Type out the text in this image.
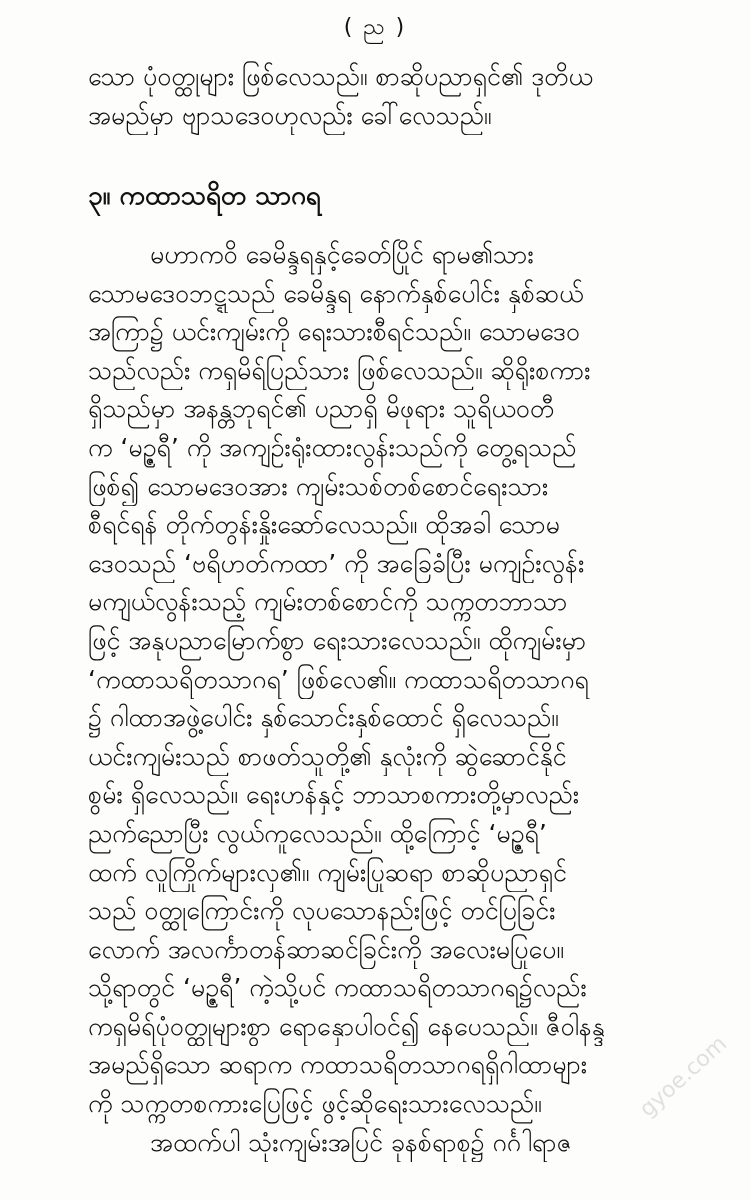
( ည )
သော ပုံဝတ္ထုများ ဖြစ်လေသည်။ စာဆိုပညာရှင်၏ ဒုတိယ
အမည်မှာ ဗျာသဒေဝဟုလည်း ခေါ်လေသည်။
၃။ ကထာသရိတ သာဂရ
မဟာကဝိ ခေမိန္ဒရနှင့်ခေတ်ပြိုင် ရာမ၏သား
သောမဒေဝဘဋ္ဋသည် ခေမိန္ဒရ နောက်နှစ်ပေါင်း နှစ်ဆယ်
အကြာ၌ ယင်းကျမ်းကို ရေးသားစီရင်သည်။ သောမဒေဝ
သည်လည်း ကရှမိရ်ပြည်သား ဖြစ်လေသည်။ ဆိုရိုးစကား
ရှိသည်မှာ အနန္တဘုရင်၏ ပညာရှိ မိဖုရား သူရိယဝတီ
က ‘မဉ္ဇရီ’ ကို အကျဉ်းရုံးထားလွန်းသည်ကို တွေ့ရသည်
ဖြစ်၍ သောမဒေဝအား ကျမ်းသစ်တစ်စောင်ရေးသား
စီရင်ရန် တိုက်တွန်းနှိုးဆော်လေသည်။ ထိုအခါ သောမ
ဒေဝသည် ‘ဗရိဟတ်ကထာ’ ကို အခြေခံပြီး မကျဉ်းလွန်း
မကျယ်လွန်းသည့် ကျမ်းတစ်စောင်ကို သက္ကတဘာသာ
ဖြင့် အနုပညာမြောက်စွာ ရေးသားလေသည်။ ထိုကျမ်းမှာ
‘ကထာသရိတသာဂရ’ ဖြစ်လေ၏။ ကထာသရိတသာဂရ
၌ ဂါထာအဖွဲ့ပေါင်း နှစ်သောင်းနှစ်ထောင် ရှိလေသည်။
ယင်းကျမ်းသည် စာဖတ်သူတို့၏ နှလုံးကို ဆွဲဆောင်နိုင်
စွမ်း ရှိလေသည်။ ရေးဟန်နှင့် ဘာသာစကားတို့မှာလည်း
ညက်ညောပြီး လွယ်ကူလေသည်။ ထို့ကြောင့် ‘မဉ္ဇရီ’
ထက် လူကြိုက်များလှ၏။ ကျမ်းပြုဆရာ စာဆိုပညာရှင်
သည် ဝတ္ထုကြောင်းကို လုပသောနည်းဖြင့် တင်ပြခြင်း
လောက် အလင်္ကာတန်ဆာဆင်ခြင်းကို အလေးမပြုပေ။
သို့ရာတွင် ‘မဉ္ဇရီ’ ကဲ့သို့ပင် ကထာသရိတသာဂရ၌လည်း
ကရှမိရ်ပုံဝတ္ထုများစွာ ရောနှောပါဝင်၍ နေပေသည်။ ဇီဝါနန္ဒ
အမည်ရှိသော ဆရာက ကထာသရိတသာဂရရှိဂါထာများ
ကို သက္ကတစကားပြေဖြင့် ဖွင့်ဆိုရေးသားလေသည်။
အထက်ပါ သုံးကျမ်းအပြင် ခုနစ်ရာစု၌ ဂင်္ဂါရာဇ
gyoe.com
